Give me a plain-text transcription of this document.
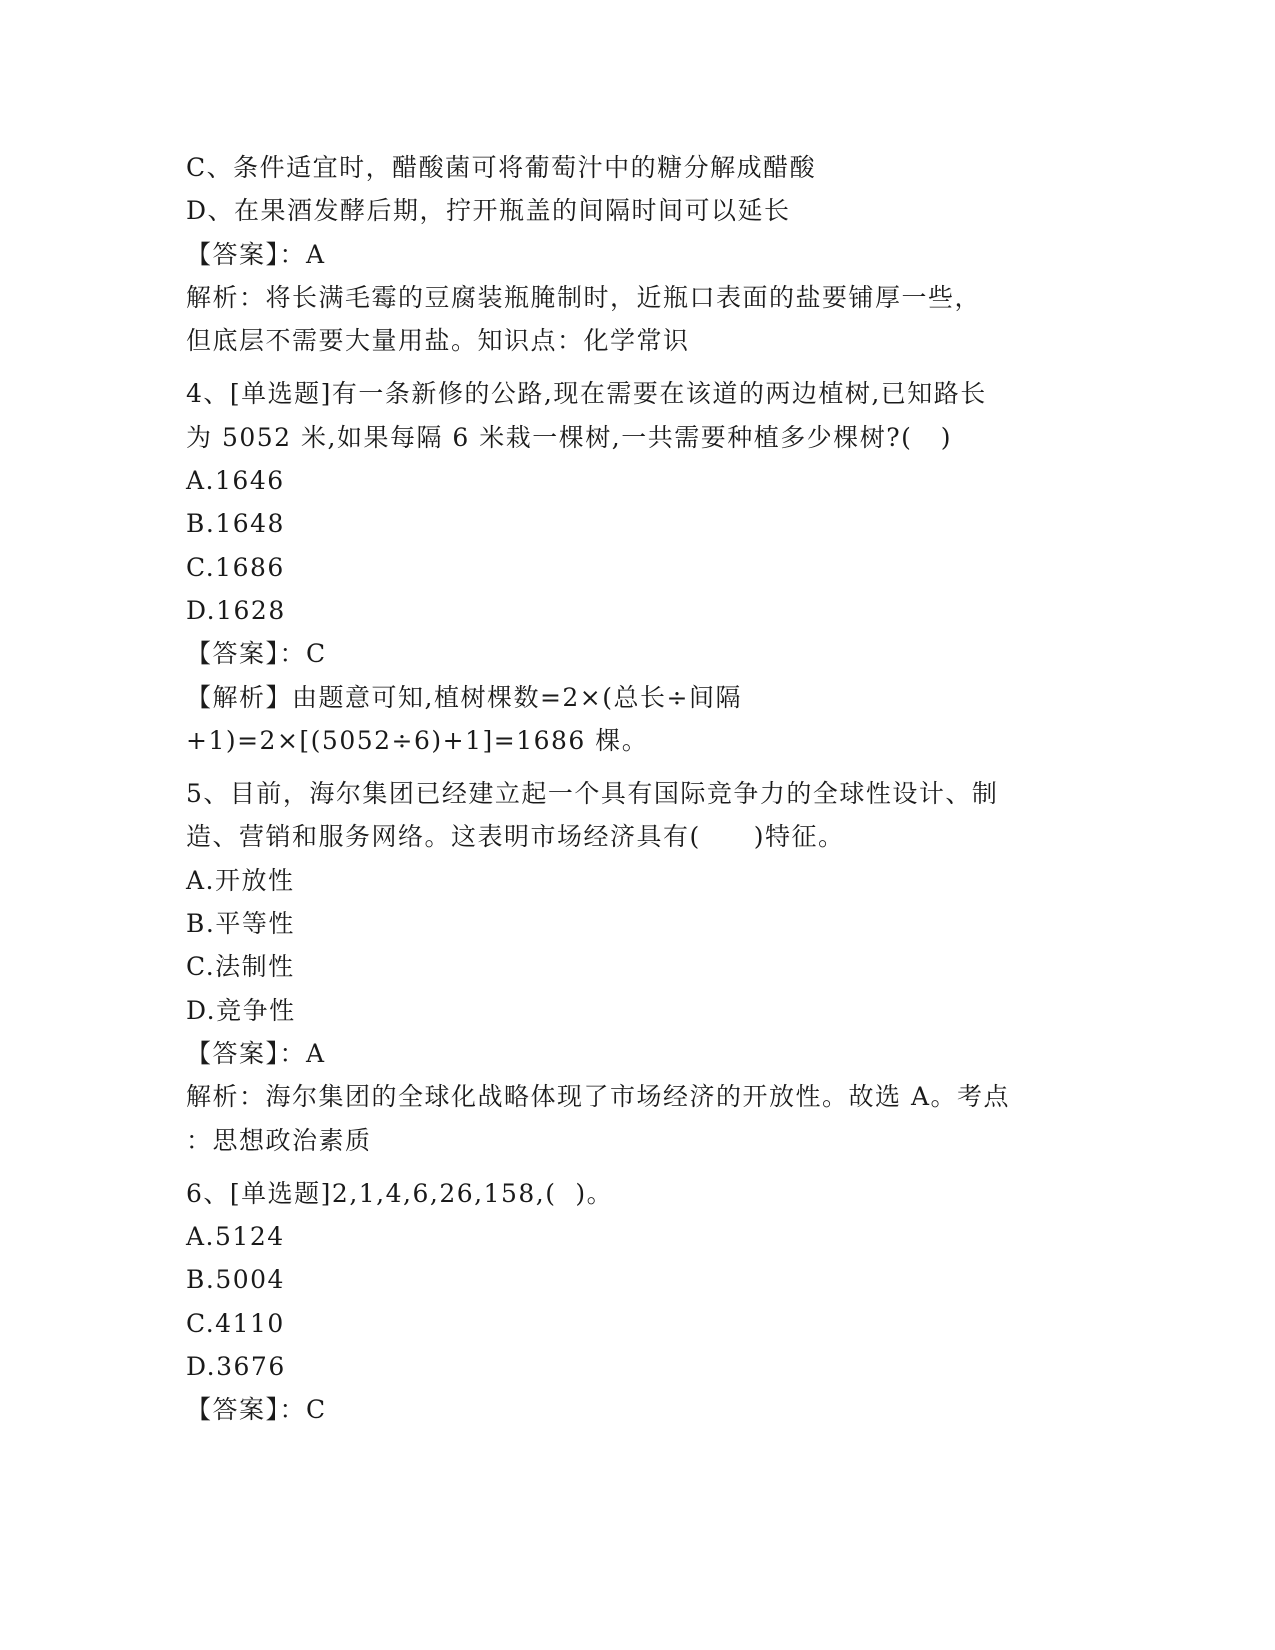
C、条件适宜时，醋酸菌可将葡萄汁中的糖分解成醋酸
D、在果酒发酵后期，拧开瓶盖的间隔时间可以延长
【答案】：A
解析：将长满毛霉的豆腐装瓶腌制时，近瓶口表面的盐要铺厚一些，
但底层不需要大量用盐。知识点：化学常识
4、[单选题]有一条新修的公路,现在需要在该道的两边植树,已知路长
为 5052 米,如果每隔 6 米栽一棵树,一共需要种植多少棵树?(   )
A.1646
B.1648
C.1686
D.1628
【答案】：C
【解析】由题意可知,植树棵数=2×(总长÷间隔
+1)=2×[(5052÷6)+1]=1686 棵。
5、目前，海尔集团已经建立起一个具有国际竞争力的全球性设计、制
造、营销和服务网络。这表明市场经济具有(　　)特征。
A.开放性
B.平等性
C.法制性
D.竞争性
【答案】：A
解析：海尔集团的全球化战略体现了市场经济的开放性。故选 A。考点
：思想政治素质
6、[单选题]2,1,4,6,26,158,(  )。
A.5124
B.5004
C.4110
D.3676
【答案】：C
